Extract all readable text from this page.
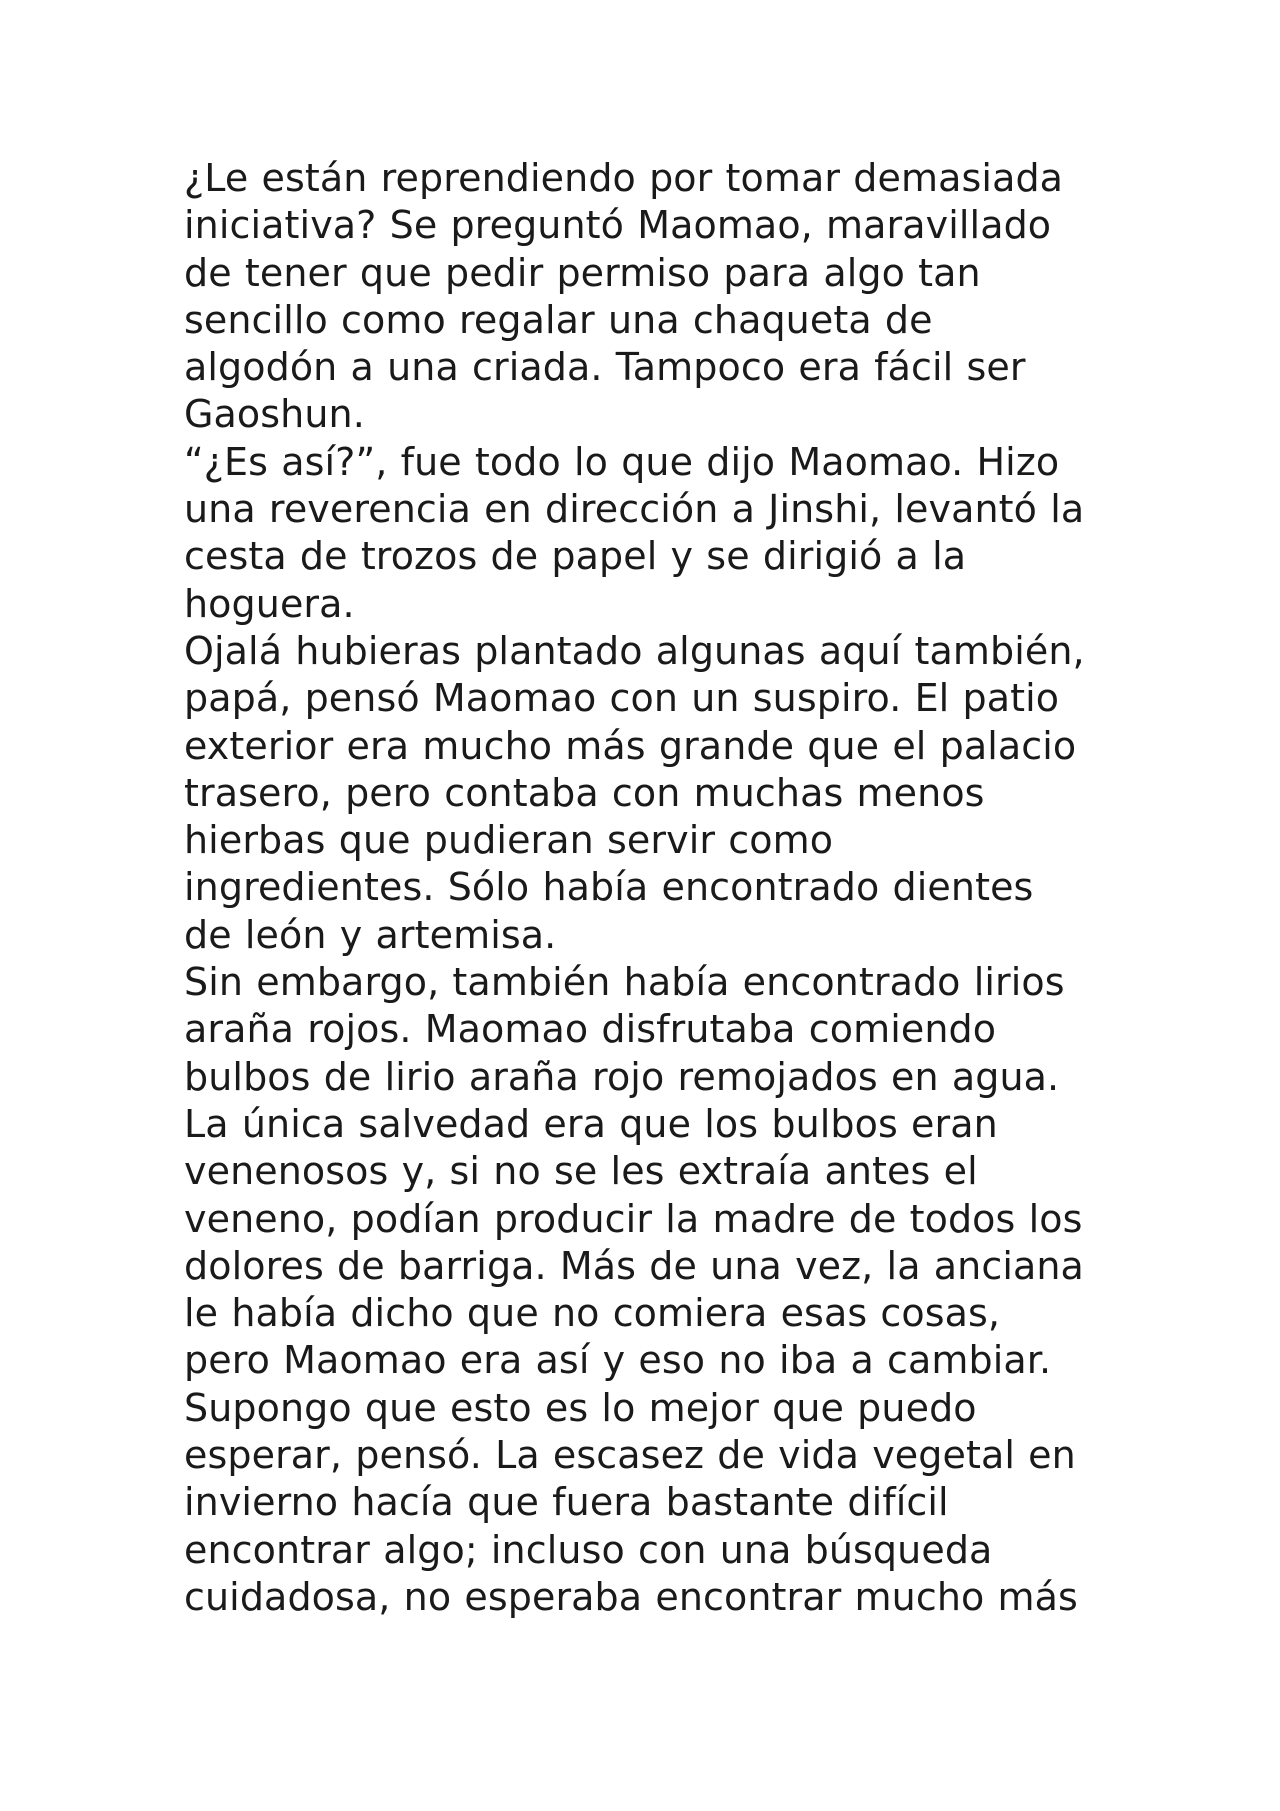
¿Le están reprendiendo por tomar demasiada
iniciativa? Se preguntó Maomao, maravillado
de tener que pedir permiso para algo tan
sencillo como regalar una chaqueta de
algodón a una criada. Tampoco era fácil ser
Gaoshun.
“¿Es así?”, fue todo lo que dijo Maomao. Hizo
una reverencia en dirección a Jinshi, levantó la
cesta de trozos de papel y se dirigió a la
hoguera.
Ojalá hubieras plantado algunas aquí también,
papá, pensó Maomao con un suspiro. El patio
exterior era mucho más grande que el palacio
trasero, pero contaba con muchas menos
hierbas que pudieran servir como
ingredientes. Sólo había encontrado dientes
de león y artemisa.
Sin embargo, también había encontrado lirios
araña rojos. Maomao disfrutaba comiendo
bulbos de lirio araña rojo remojados en agua.
La única salvedad era que los bulbos eran
venenosos y, si no se les extraía antes el
veneno, podían producir la madre de todos los
dolores de barriga. Más de una vez, la anciana
le había dicho que no comiera esas cosas,
pero Maomao era así y eso no iba a cambiar.
Supongo que esto es lo mejor que puedo
esperar, pensó. La escasez de vida vegetal en
invierno hacía que fuera bastante difícil
encontrar algo; incluso con una búsqueda
cuidadosa, no esperaba encontrar mucho más
